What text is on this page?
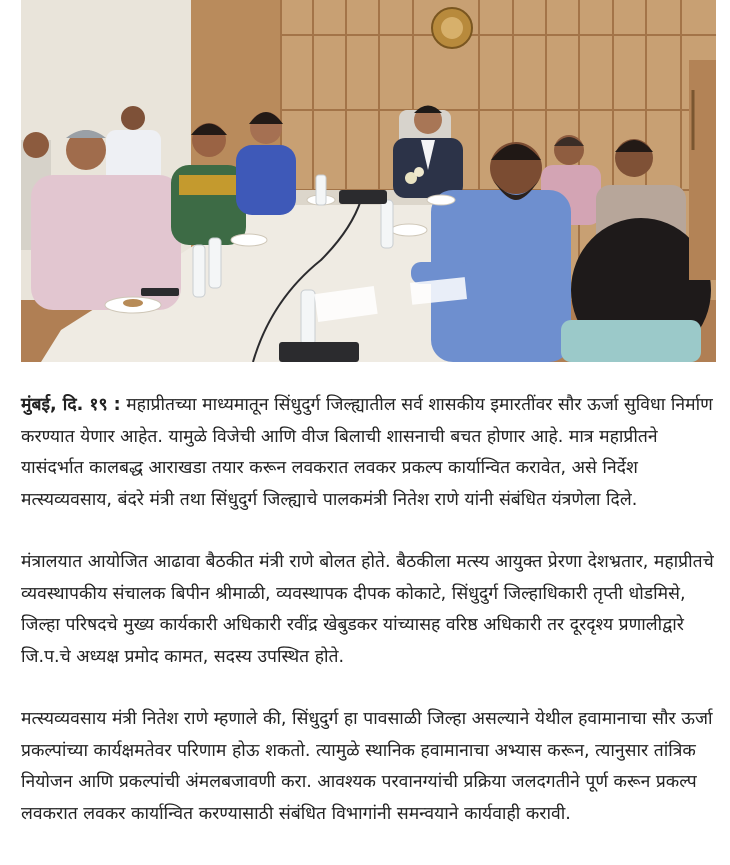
मुंबई, दि. १९ : महाप्रीतच्या माध्यमातून सिंधुदुर्ग जिल्ह्यातील सर्व शासकीय इमारतींवर सौर ऊर्जा सुविधा निर्माण करण्यात येणार आहेत. यामुळे विजेची आणि वीज बिलाची शासनाची बचत होणार आहे. मात्र महाप्रीतने यासंदर्भात कालबद्ध आराखडा तयार करून लवकरात लवकर प्रकल्प कार्यान्वित करावेत, असे निर्देश मत्स्यव्यवसाय, बंदरे मंत्री तथा सिंधुदुर्ग जिल्ह्याचे पालकमंत्री नितेश राणे यांनी संबंधित यंत्रणेला दिले.

मंत्रालयात आयोजित आढावा बैठकीत मंत्री राणे बोलत होते. बैठकीला मत्स्य आयुक्त प्रेरणा देशभ्रतार, महाप्रीतचे व्यवस्थापकीय संचालक बिपीन श्रीमाळी, व्यवस्थापक दीपक कोकाटे, सिंधुदुर्ग जिल्हाधिकारी तृप्ती धोडमिसे, जिल्हा परिषदचे मुख्य कार्यकारी अधिकारी रवींद्र खेबुडकर यांच्यासह वरिष्ठ अधिकारी तर दूरदृश्य प्रणालीद्वारे जि.प.चे अध्यक्ष प्रमोद कामत, सदस्य उपस्थित होते.

मत्स्यव्यवसाय मंत्री नितेश राणे म्हणाले की, सिंधुदुर्ग हा पावसाळी जिल्हा असल्याने येथील हवामानाचा सौर ऊर्जा प्रकल्पांच्या कार्यक्षमतेवर परिणाम होऊ शकतो. त्यामुळे स्थानिक हवामानाचा अभ्यास करून, त्यानुसार तांत्रिक नियोजन आणि प्रकल्पांची अंमलबजावणी करा. आवश्यक परवानग्यांची प्रक्रिया जलदगतीने पूर्ण करून प्रकल्प लवकरात लवकर कार्यान्वित करण्यासाठी संबंधित विभागांनी समन्वयाने कार्यवाही करावी.
